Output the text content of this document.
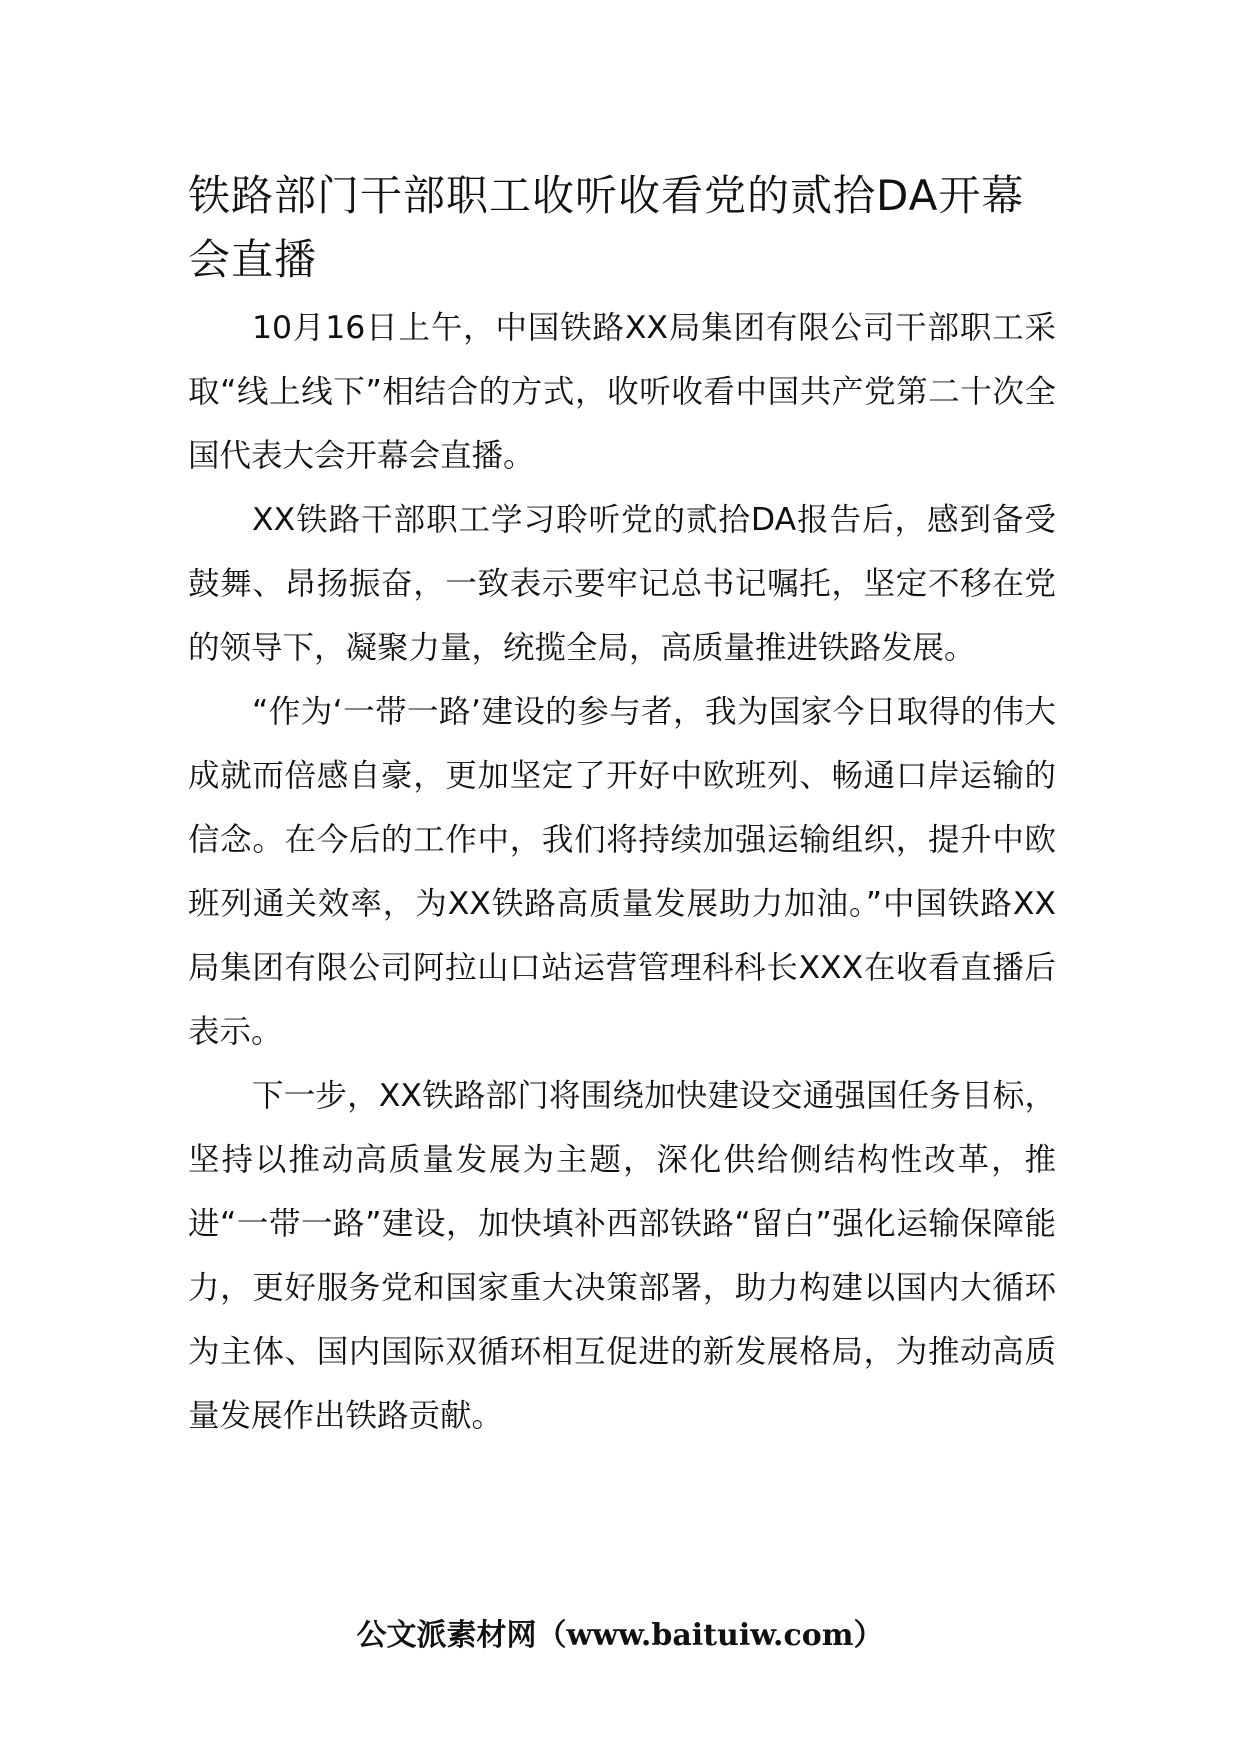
铁路部门干部职工收听收看党的贰拾DA开幕会直播

10月16日上午，中国铁路XX局集团有限公司干部职工采取“线上线下”相结合的方式，收听收看中国共产党第二十次全国代表大会开幕会直播。

XX铁路干部职工学习聆听党的贰拾DA报告后，感到备受鼓舞、昂扬振奋，一致表示要牢记总书记嘱托，坚定不移在党的领导下，凝聚力量，统揽全局，高质量推进铁路发展。

“作为‘一带一路’建设的参与者，我为国家今日取得的伟大成就而倍感自豪，更加坚定了开好中欧班列、畅通口岸运输的信念。在今后的工作中，我们将持续加强运输组织，提升中欧班列通关效率，为XX铁路高质量发展助力加油。”中国铁路XX局集团有限公司阿拉山口站运营管理科科长XXX在收看直播后表示。

下一步，XX铁路部门将围绕加快建设交通强国任务目标，坚持以推动高质量发展为主题，深化供给侧结构性改革，推进“一带一路”建设，加快填补西部铁路“留白”强化运输保障能力，更好服务党和国家重大决策部署，助力构建以国内大循环为主体、国内国际双循环相互促进的新发展格局，为推动高质量发展作出铁路贡献。

公文派素材网（www.baituiw.com）
